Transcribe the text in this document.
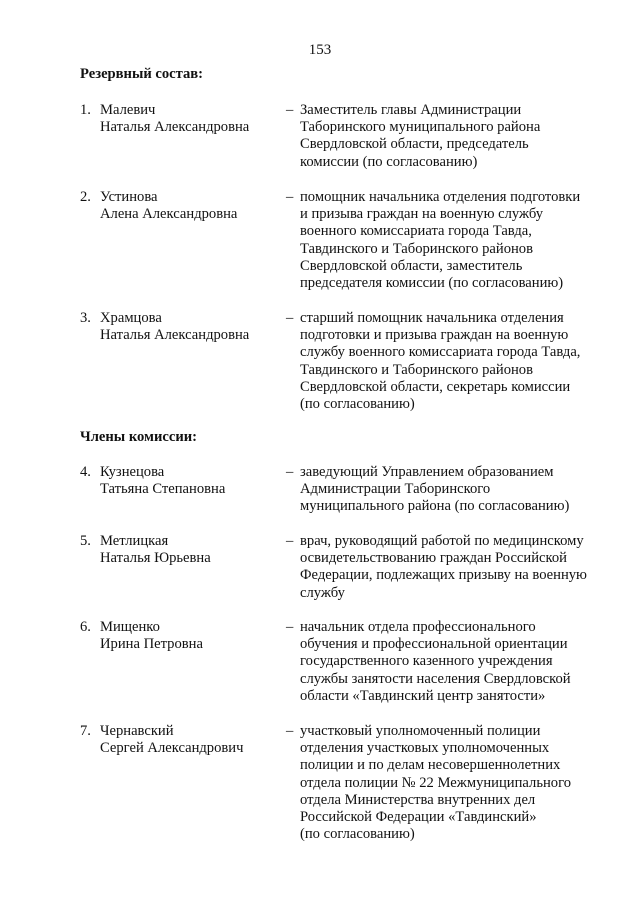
153
Резервный состав:
1. Малевич
Наталья Александровна
– Заместитель главы Администрации
Таборинского муниципального района
Свердловской области, председатель
комиссии (по согласованию)
2. Устинова
Алена Александровна
– помощник начальника отделения подготовки
и призыва граждан на военную службу
военного комиссариата города Тавда,
Тавдинского и Таборинского районов
Свердловской области, заместитель
председателя комиссии (по согласованию)
3. Храмцова
Наталья Александровна
– старший помощник начальника отделения
подготовки и призыва граждан на военную
службу военного комиссариата города Тавда,
Тавдинского и Таборинского районов
Свердловской области, секретарь комиссии
(по согласованию)
Члены комиссии:
4. Кузнецова
Татьяна Степановна
– заведующий Управлением образованием
Администрации Таборинского
муниципального района (по согласованию)
5. Метлицкая
Наталья Юрьевна
– врач, руководящий работой по медицинскому
освидетельствованию граждан Российской
Федерации, подлежащих призыву на военную
службу
6. Мищенко
Ирина Петровна
– начальник отдела профессионального
обучения и профессиональной ориентации
государственного казенного учреждения
службы занятости населения Свердловской
области «Тавдинский центр занятости»
7. Чернавский
Сергей Александрович
– участковый уполномоченный полиции
отделения участковых уполномоченных
полиции и по делам несовершеннолетних
отдела полиции № 22 Межмуниципального
отдела Министерства внутренних дел
Российской Федерации «Тавдинский»
(по согласованию)
